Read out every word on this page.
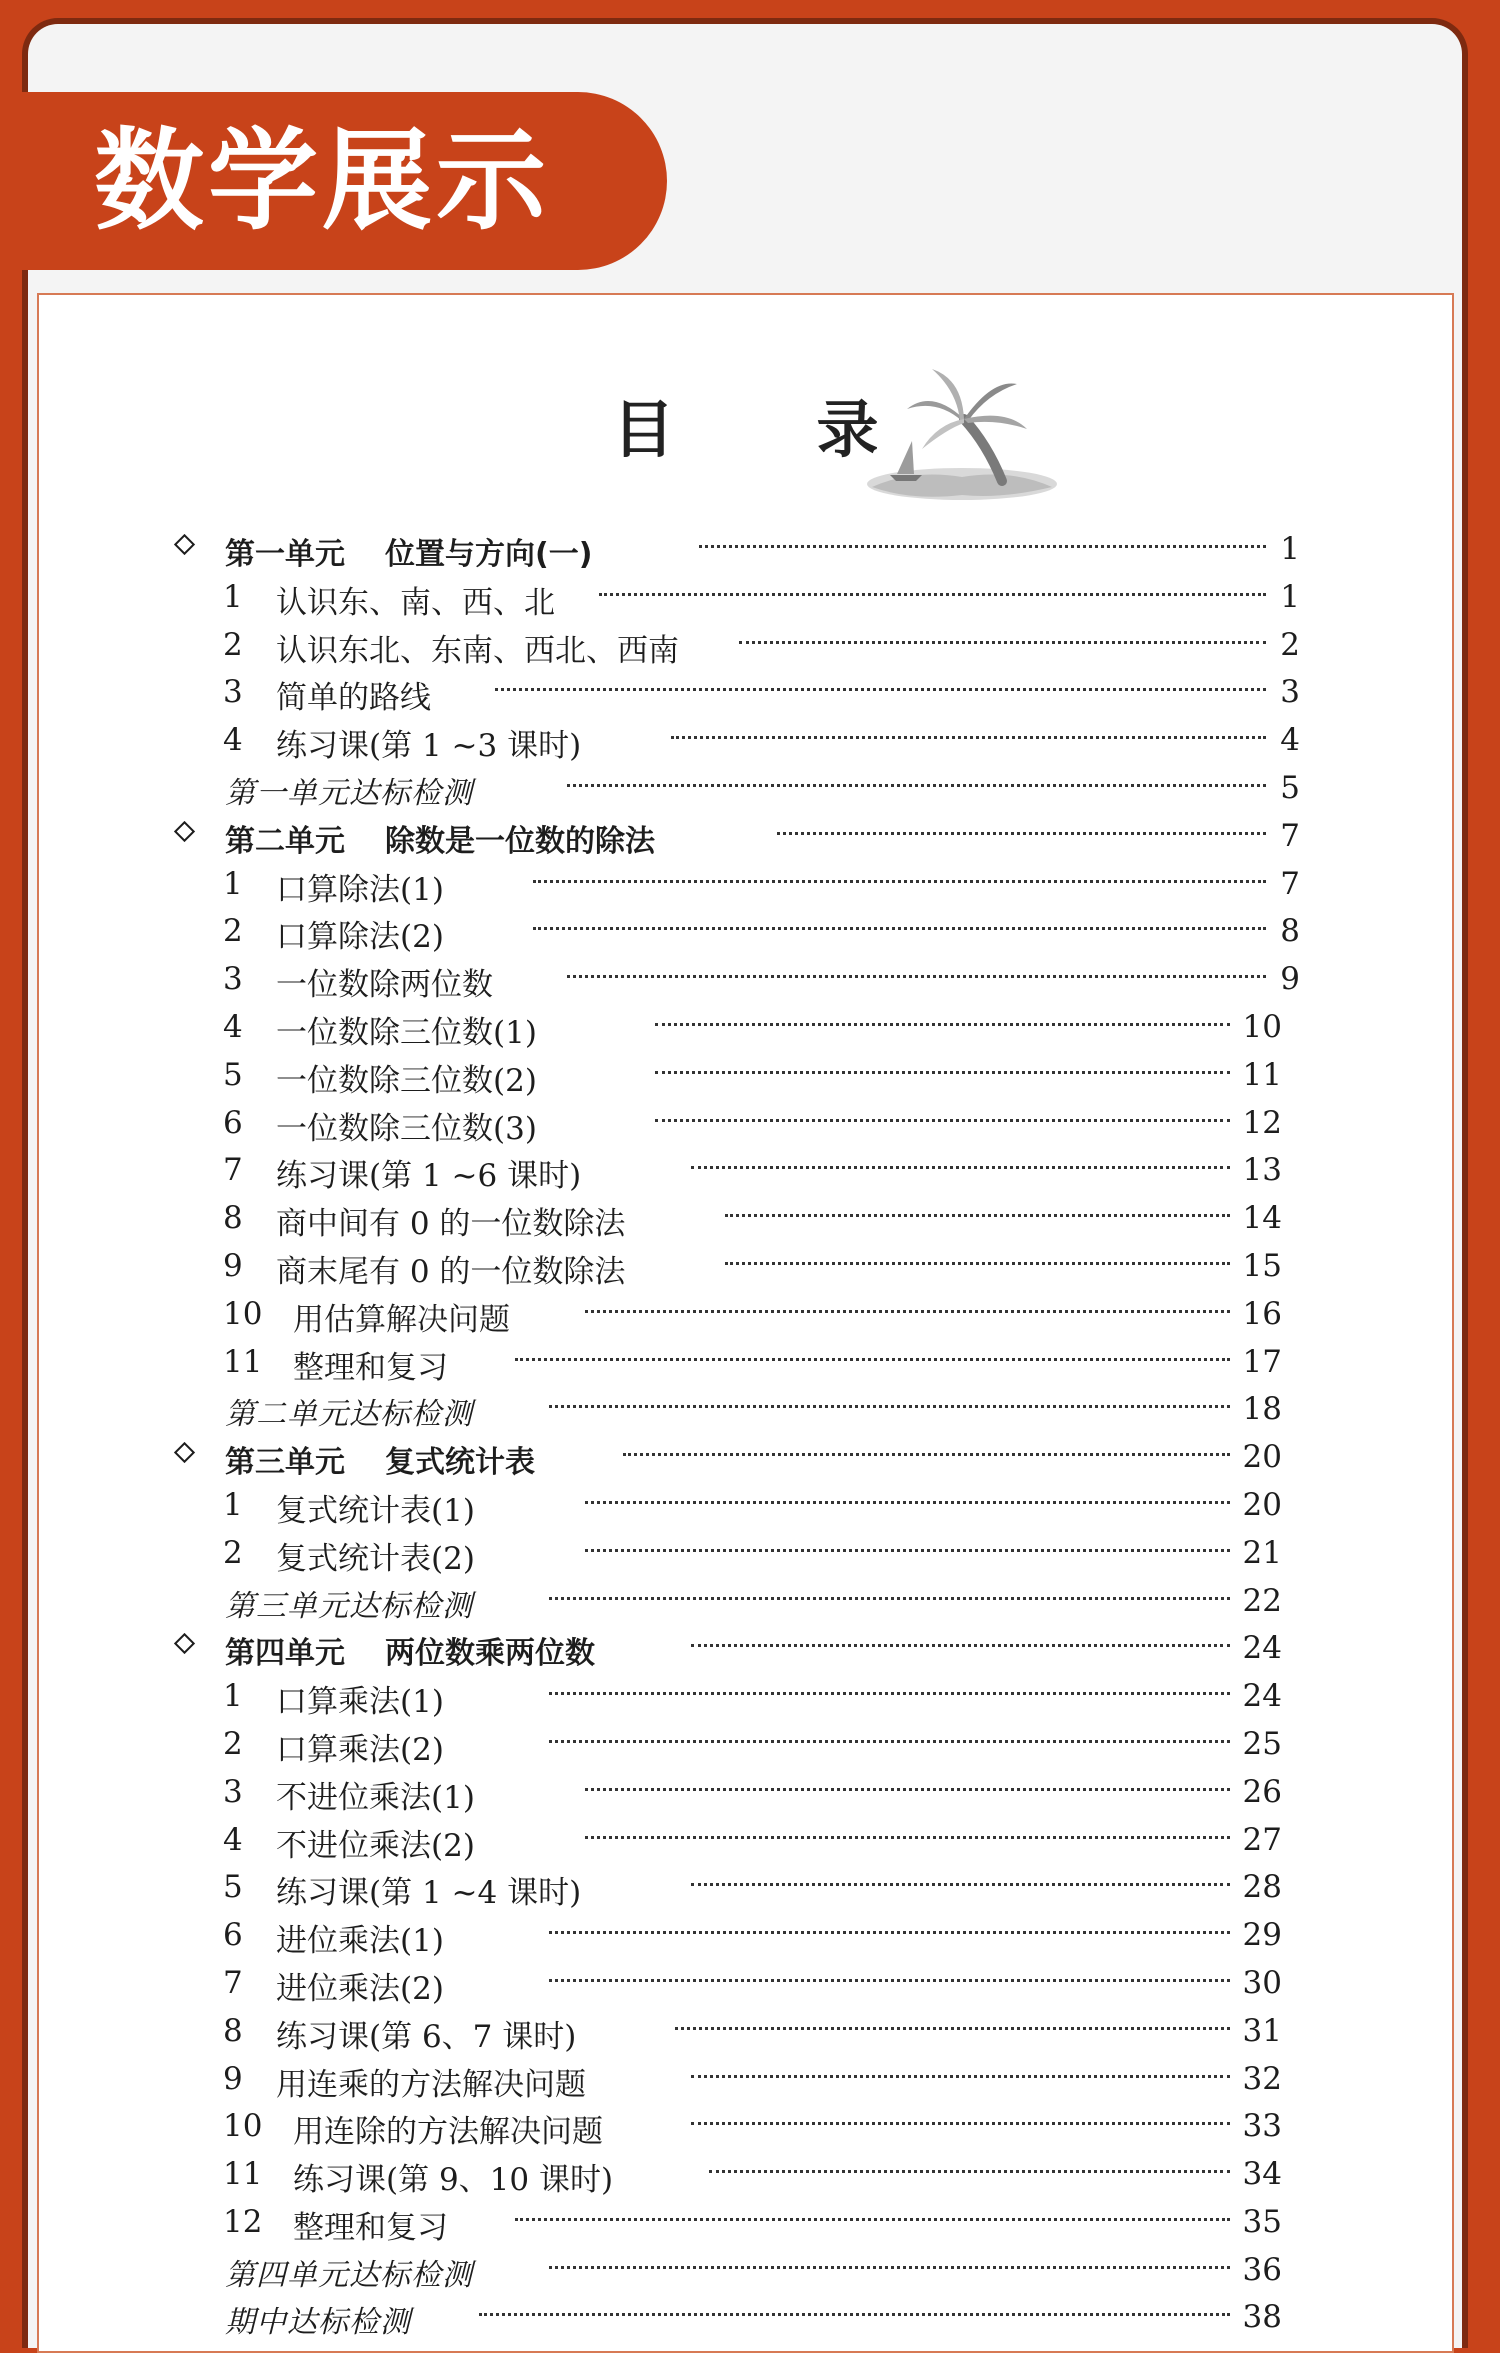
数学展示
目 录
第一单元 位置与方向(一)	1
1 认识东、南、西、北	1
2 认识东北、东南、西北、西南	2
3 简单的路线	3
4 练习课(第 1 ~3 课时)	4
第一单元达标检测	5
第二单元 除数是一位数的除法	7
1 口算除法(1)	7
2 口算除法(2)	8
3 一位数除两位数	9
4 一位数除三位数(1)	10
5 一位数除三位数(2)	11
6 一位数除三位数(3)	12
7 练习课(第 1 ~6 课时)	13
8 商中间有 0 的一位数除法	14
9 商末尾有 0 的一位数除法	15
10 用估算解决问题	16
11 整理和复习	17
第二单元达标检测	18
第三单元 复式统计表	20
1 复式统计表(1)	20
2 复式统计表(2)	21
第三单元达标检测	22
第四单元 两位数乘两位数	24
1 口算乘法(1)	24
2 口算乘法(2)	25
3 不进位乘法(1)	26
4 不进位乘法(2)	27
5 练习课(第 1 ~4 课时)	28
6 进位乘法(1)	29
7 进位乘法(2)	30
8 练习课(第 6、7 课时)	31
9 用连乘的方法解决问题	32
10 用连除的方法解决问题	33
11 练习课(第 9、10 课时)	34
12 整理和复习	35
第四单元达标检测	36
期中达标检测	38
